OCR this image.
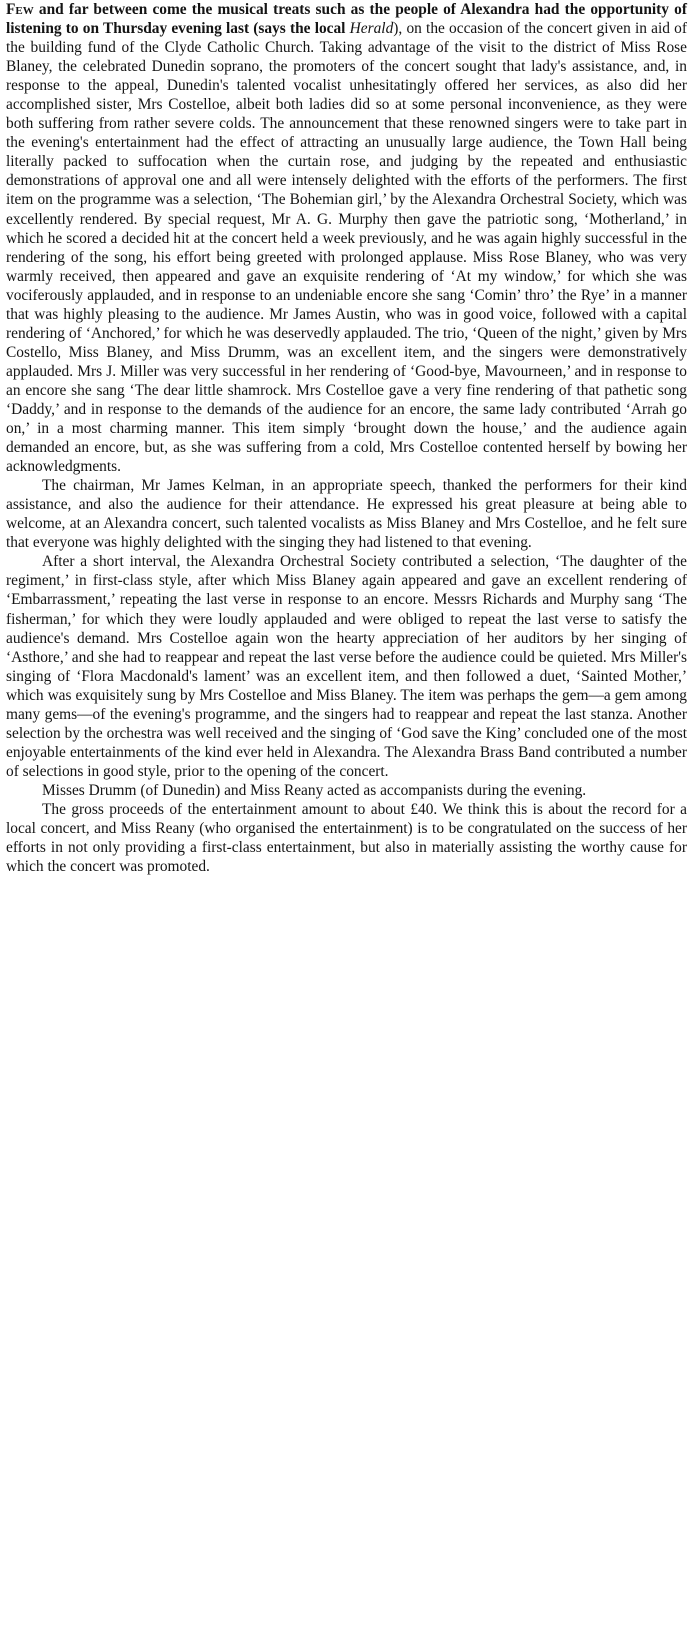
Few and far between come the musical treats such as the people of Alexandra had the opportunity of listening to on Thursday evening last (says the local Herald), on the occasion of the concert given in aid of the building fund of the Clyde Catholic Church. Taking advantage of the visit to the district of Miss Rose Blaney, the celebrated Dunedin soprano, the promoters of the concert sought that lady's assistance, and, in response to the appeal, Dunedin's talented vocalist unhesitatingly offered her services, as also did her accomplished sister, Mrs Costelloe, albeit both ladies did so at some personal inconvenience, as they were both suffering from rather severe colds. The announcement that these renowned singers were to take part in the evening's entertainment had the effect of attracting an unusually large audience, the Town Hall being literally packed to suffocation when the curtain rose, and judging by the repeated and enthusiastic demonstrations of approval one and all were intensely delighted with the efforts of the performers. The first item on the programme was a selection, ‘The Bohemian girl,’ by the Alexandra Orchestral Society, which was excellently rendered. By special request, Mr A. G. Murphy then gave the patriotic song, ‘Motherland,’ in which he scored a decided hit at the concert held a week previously, and he was again highly successful in the rendering of the song, his effort being greeted with prolonged applause. Miss Rose Blaney, who was very warmly received, then appeared and gave an exquisite rendering of ‘At my window,’ for which she was vociferously applauded, and in response to an undeniable encore she sang ‘Comin’ thro’ the Rye’ in a manner that was highly pleasing to the audience. Mr James Austin, who was in good voice, followed with a capital rendering of ‘Anchored,’ for which he was deservedly applauded. The trio, ‘Queen of the night,’ given by Mrs Costello, Miss Blaney, and Miss Drumm, was an excellent item, and the singers were demonstratively applauded. Mrs J. Miller was very successful in her rendering of ‘Good-bye, Mavourneen,’ and in response to an encore she sang ‘The dear little shamrock. Mrs Costelloe gave a very fine rendering of that pathetic song ‘Daddy,’ and in response to the demands of the audience for an encore, the same lady contributed ‘Arrah go on,’ in a most charming manner. This item simply ‘brought down the house,’ and the audience again demanded an encore, but, as she was suffering from a cold, Mrs Costelloe contented herself by bowing her acknowledgments.

The chairman, Mr James Kelman, in an appropriate speech, thanked the performers for their kind assistance, and also the audience for their attendance. He expressed his great pleasure at being able to welcome, at an Alexandra concert, such talented vocalists as Miss Blaney and Mrs Costelloe, and he felt sure that everyone was highly delighted with the singing they had listened to that evening.

After a short interval, the Alexandra Orchestral Society contributed a selection, ‘The daughter of the regiment,’ in first-class style, after which Miss Blaney again appeared and gave an excellent rendering of ‘Embarrassment,’ repeating the last verse in response to an encore. Messrs Richards and Murphy sang ‘The fisherman,’ for which they were loudly applauded and were obliged to repeat the last verse to satisfy the audience's demand. Mrs Costelloe again won the hearty appreciation of her auditors by her singing of ‘Asthore,’ and she had to reappear and repeat the last verse before the audience could be quieted. Mrs Miller's singing of ‘Flora Macdonald's lament’ was an excellent item, and then followed a duet, ‘Sainted Mother,’ which was exquisitely sung by Mrs Costelloe and Miss Blaney. The item was perhaps the gem—a gem among many gems—of the evening's programme, and the singers had to reappear and repeat the last stanza. Another selection by the orchestra was well received and the singing of ‘God save the King’ concluded one of the most enjoyable entertainments of the kind ever held in Alexandra. The Alexandra Brass Band contributed a number of selections in good style, prior to the opening of the concert.

Misses Drumm (of Dunedin) and Miss Reany acted as accompanists during the evening.

The gross proceeds of the entertainment amount to about £40. We think this is about the record for a local concert, and Miss Reany (who organised the entertainment) is to be congratulated on the success of her efforts in not only providing a first-class entertainment, but also in materially assisting the worthy cause for which the concert was promoted.
